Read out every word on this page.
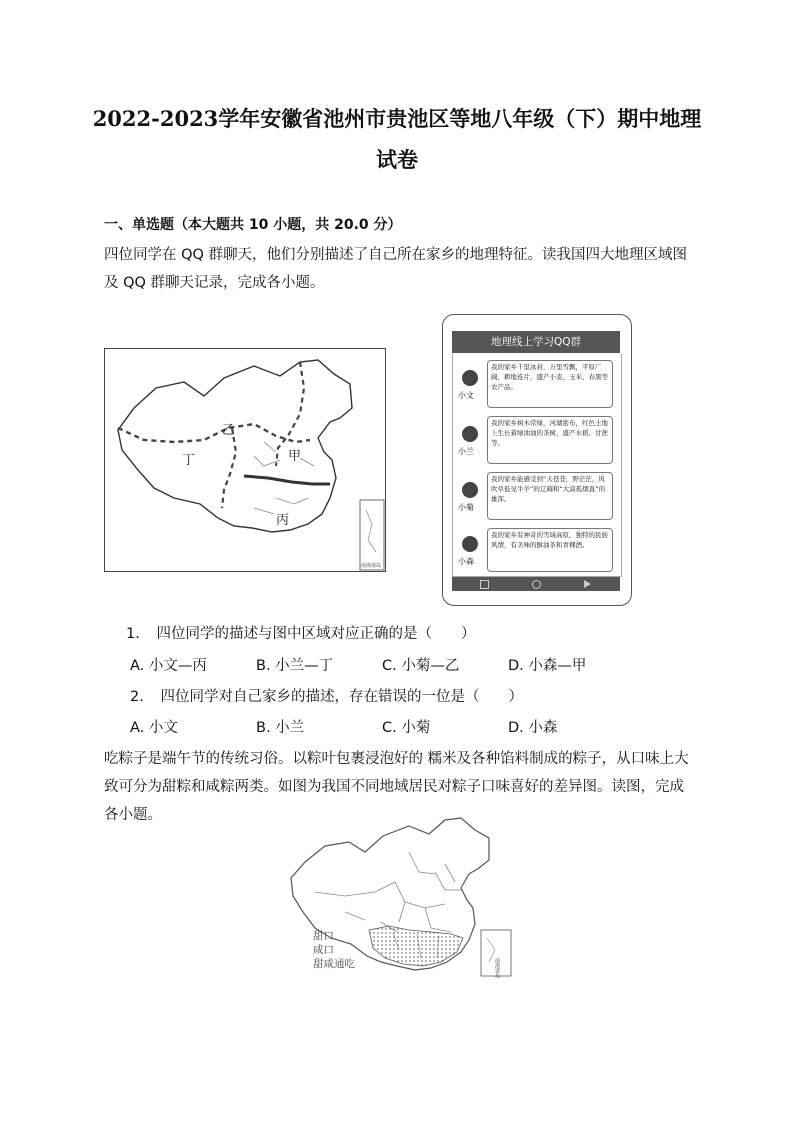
2022-2023学年安徽省池州市贵池区等地八年级（下）期中地理
试卷
一、单选题（本大题共 10 小题，共 20.0 分）
四位同学在 QQ 群聊天，他们分别描述了自己所在家乡的地理特征。读我国四大地理区域图及 QQ 群聊天记录，完成各小题。
乙
丁	甲
丙
南海诸岛
地理线上学习QQ群
小文
我的家乡千里冰封，万里雪飘，平原广阔，耕地连片，盛产小麦、玉米、春黑等农产品。
小兰
我的家乡树木常绿，河湖密布，红色土地上生长着绿油油的茶树，盛产水稻、甘蔗等。
小菊
我的家乡能感受到“天苍苍，野茫茫，风吹草低见牛羊”的辽阔和“大漠孤烟直”的雄浑。
小森
我的家乡有神奇的雪域高原，独特的民族风情，有美味的酥油茶和青稞酒。
1. 四位同学的描述与图中区域对应正确的是（　　）
A. 小文—丙	B. 小兰—丁	C. 小菊—乙	D. 小森—甲
2. 四位同学对自己家乡的描述，存在错误的一位是（　　）
A. 小文	B. 小兰	C. 小菊	D. 小森
吃粽子是端午节的传统习俗。以粽叶包裹浸泡好的 糯米及各种馅料制成的粽子，从口味上大致可分为甜粽和咸粽两类。如图为我国不同地域居民对粽子口味喜好的差异图。读图，完成各小题。
甜口
咸口
甜咸通吃	南海诸岛
